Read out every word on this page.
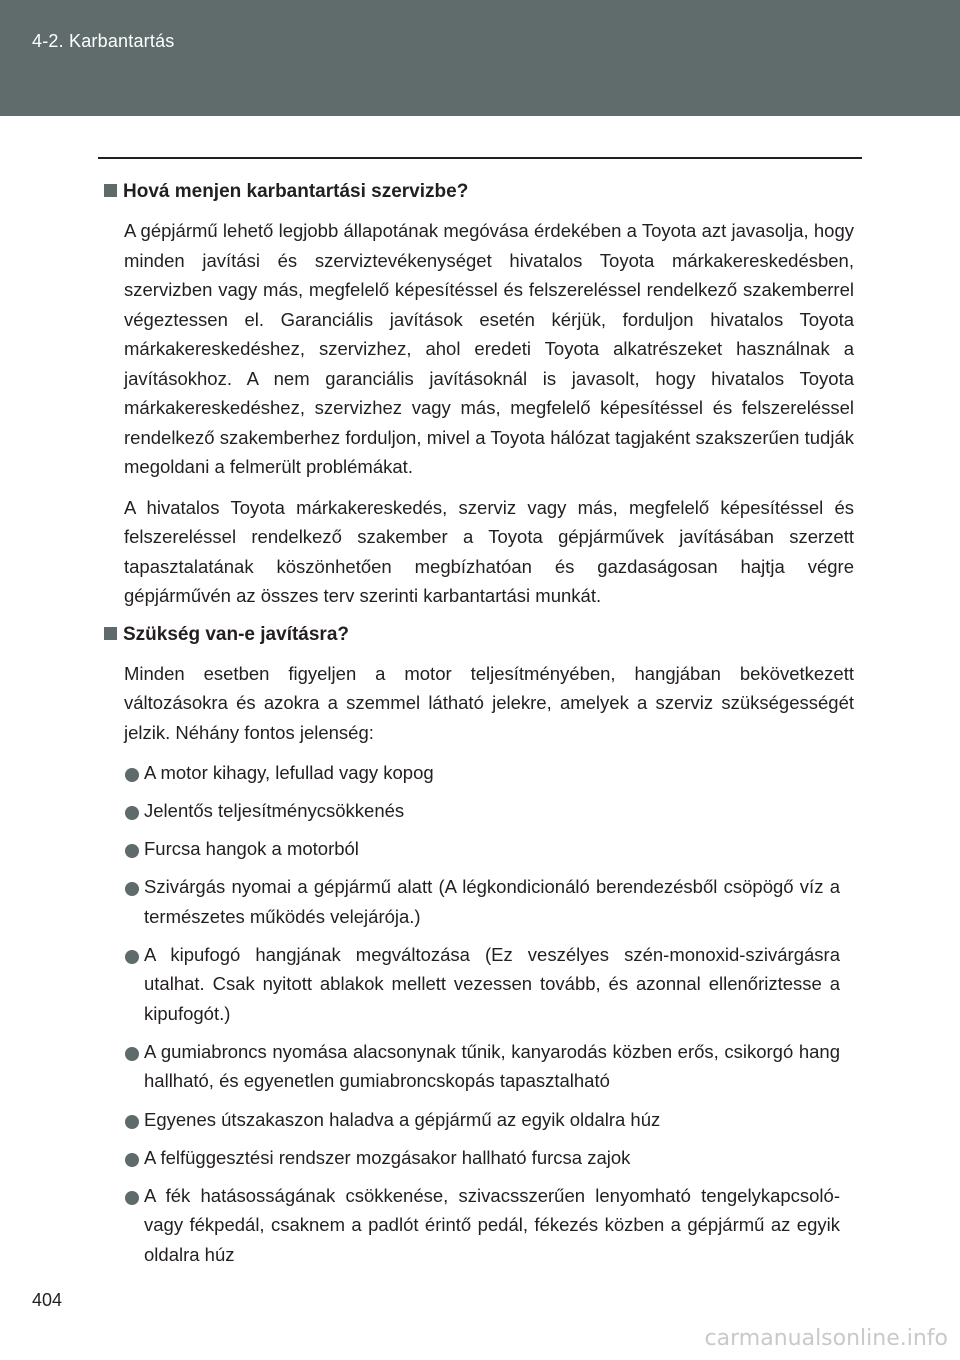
4-2. Karbantartás
Hová menjen karbantartási szervizbe?

A gépjármű lehető legjobb állapotának megóvása érdekében a Toyota azt javasolja, hogy minden javítási és szerviztevékenységet hivatalos Toyota márkakereskedésben, szervizben vagy más, megfelelő képesítéssel és felszereléssel rendelkező szakemberrel végeztessen el. Garanciális javítások esetén kérjük, forduljon hivatalos Toyota márkakereskedéshez, szervizhez, ahol eredeti Toyota alkatrészeket használnak a javításokhoz. A nem garanciális javításoknál is javasolt, hogy hivatalos Toyota márkakereskedéshez, szervizhez vagy más, megfelelő képesítéssel és felszereléssel rendelkező szakemberhez forduljon, mivel a Toyota hálózat tagjaként szakszerűen tudják megoldani a felmerült problémákat.

A hivatalos Toyota márkakereskedés, szerviz vagy más, megfelelő képesítéssel és felszereléssel rendelkező szakember a Toyota gépjárművek javításában szerzett tapasztalatának köszönhetően megbízhatóan és gazdaságosan hajtja végre gépjárművén az összes terv szerinti karbantartási munkát.

Szükség van-e javításra?

Minden esetben figyeljen a motor teljesítményében, hangjában bekövetkezett változásokra és azokra a szemmel látható jelekre, amelyek a szerviz szükségességét jelzik. Néhány fontos jelenség:

A motor kihagy, lefullad vagy kopog
Jelentős teljesítménycsökkenés
Furcsa hangok a motorból
Szivárgás nyomai a gépjármű alatt (A légkondicionáló berendezésből csöpögő víz a természetes működés velejárója.)
A kipufogó hangjának megváltozása (Ez veszélyes szén-monoxid-szivárgásra utalhat. Csak nyitott ablakok mellett vezessen tovább, és azonnal ellenőriztesse a kipufogót.)
A gumiabroncs nyomása alacsonynak tűnik, kanyarodás közben erős, csikorgó hang hallható, és egyenetlen gumiabroncskopás tapasztalható
Egyenes útszakaszon haladva a gépjármű az egyik oldalra húz
A felfüggesztési rendszer mozgásakor hallható furcsa zajok
A fék hatásosságának csökkenése, szivacsszerűen lenyomható tengelykapcsoló- vagy fékpedál, csaknem a padlót érintő pedál, fékezés közben a gépjármű az egyik oldalra húz
404
carmanualsonline.info
